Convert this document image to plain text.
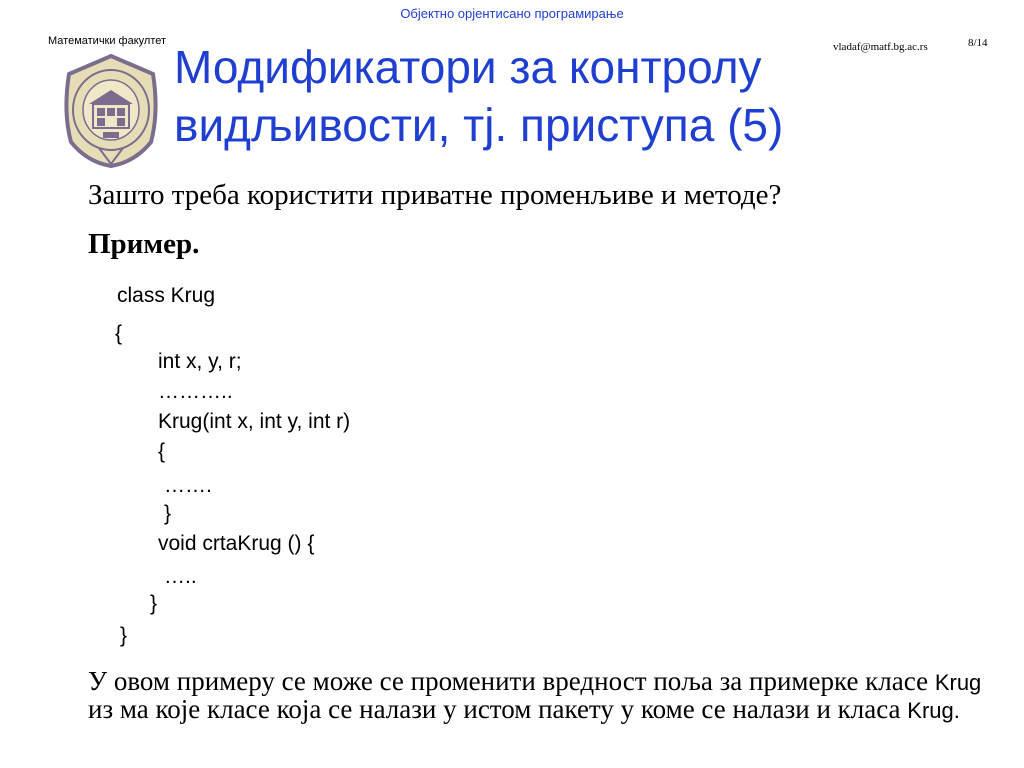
Објектно орјентисано програмирање
Математички факултет	vladaf@matf.bg.ac.rs	8/14
Модификатори за контролу
видљивости, тј. приступа (5)
Зашто треба користити приватне променљиве и методе?
Пример.
class Krug
{
int x, y, r;
………..
Krug(int x, int y, int r)
{
…….
}
void crtaKrug () {
…..
}
}
У овом примеру се може се променити вредност поља за примерке класе Krug из ма које класе која се налази у истом пакету у коме се налази и класа Krug.
